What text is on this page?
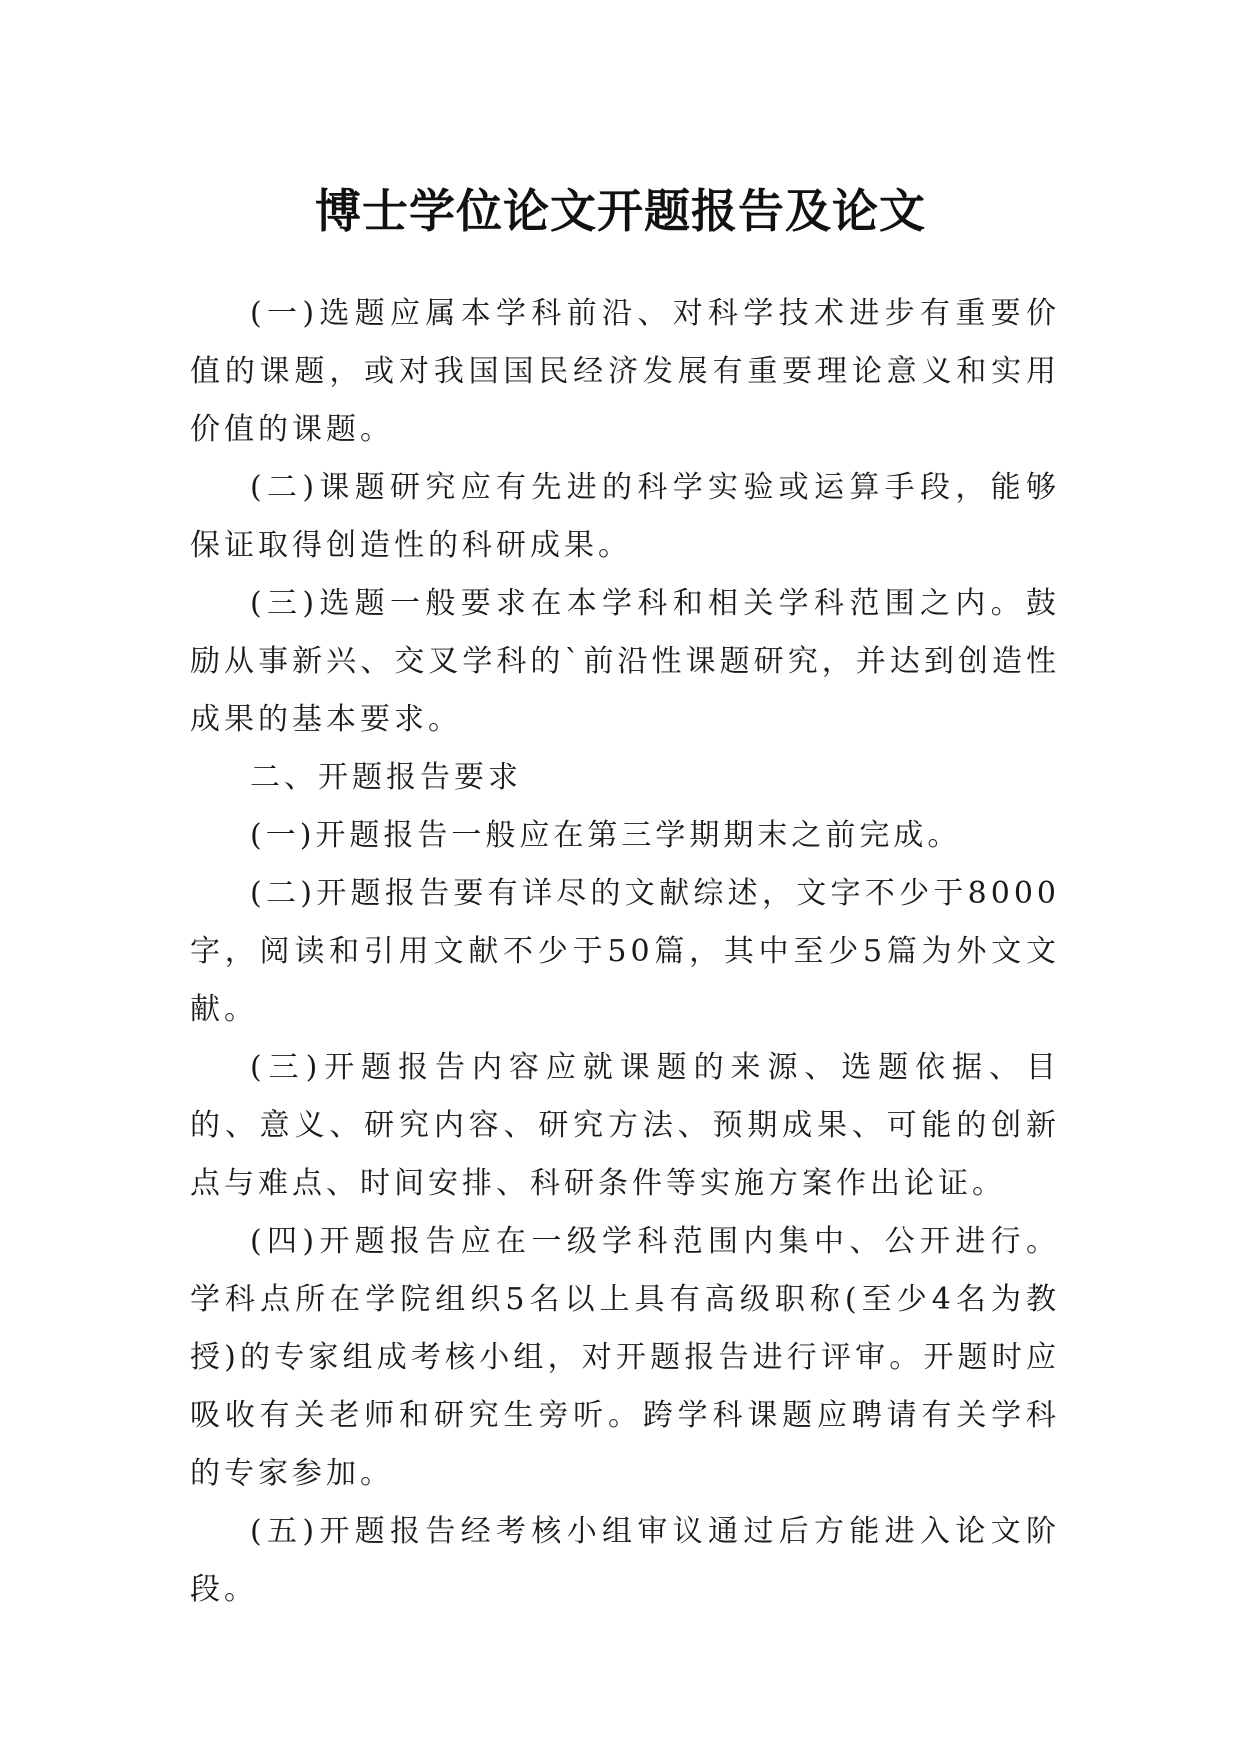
博士学位论文开题报告及论文

(一)选题应属本学科前沿、对科学技术进步有重要价值的课题，或对我国国民经济发展有重要理论意义和实用价值的课题。

(二)课题研究应有先进的科学实验或运算手段，能够保证取得创造性的科研成果。

(三)选题一般要求在本学科和相关学科范围之内。鼓励从事新兴、交叉学科的`前沿性课题研究，并达到创造性成果的基本要求。

二、开题报告要求

(一)开题报告一般应在第三学期期末之前完成。

(二)开题报告要有详尽的文献综述，文字不少于8000字，阅读和引用文献不少于50篇，其中至少5篇为外文文献。

(三)开题报告内容应就课题的来源、选题依据、目的、意义、研究内容、研究方法、预期成果、可能的创新点与难点、时间安排、科研条件等实施方案作出论证。

(四)开题报告应在一级学科范围内集中、公开进行。学科点所在学院组织5名以上具有高级职称(至少4名为教授)的专家组成考核小组，对开题报告进行评审。开题时应吸收有关老师和研究生旁听。跨学科课题应聘请有关学科的专家参加。

(五)开题报告经考核小组审议通过后方能进入论文阶段。
